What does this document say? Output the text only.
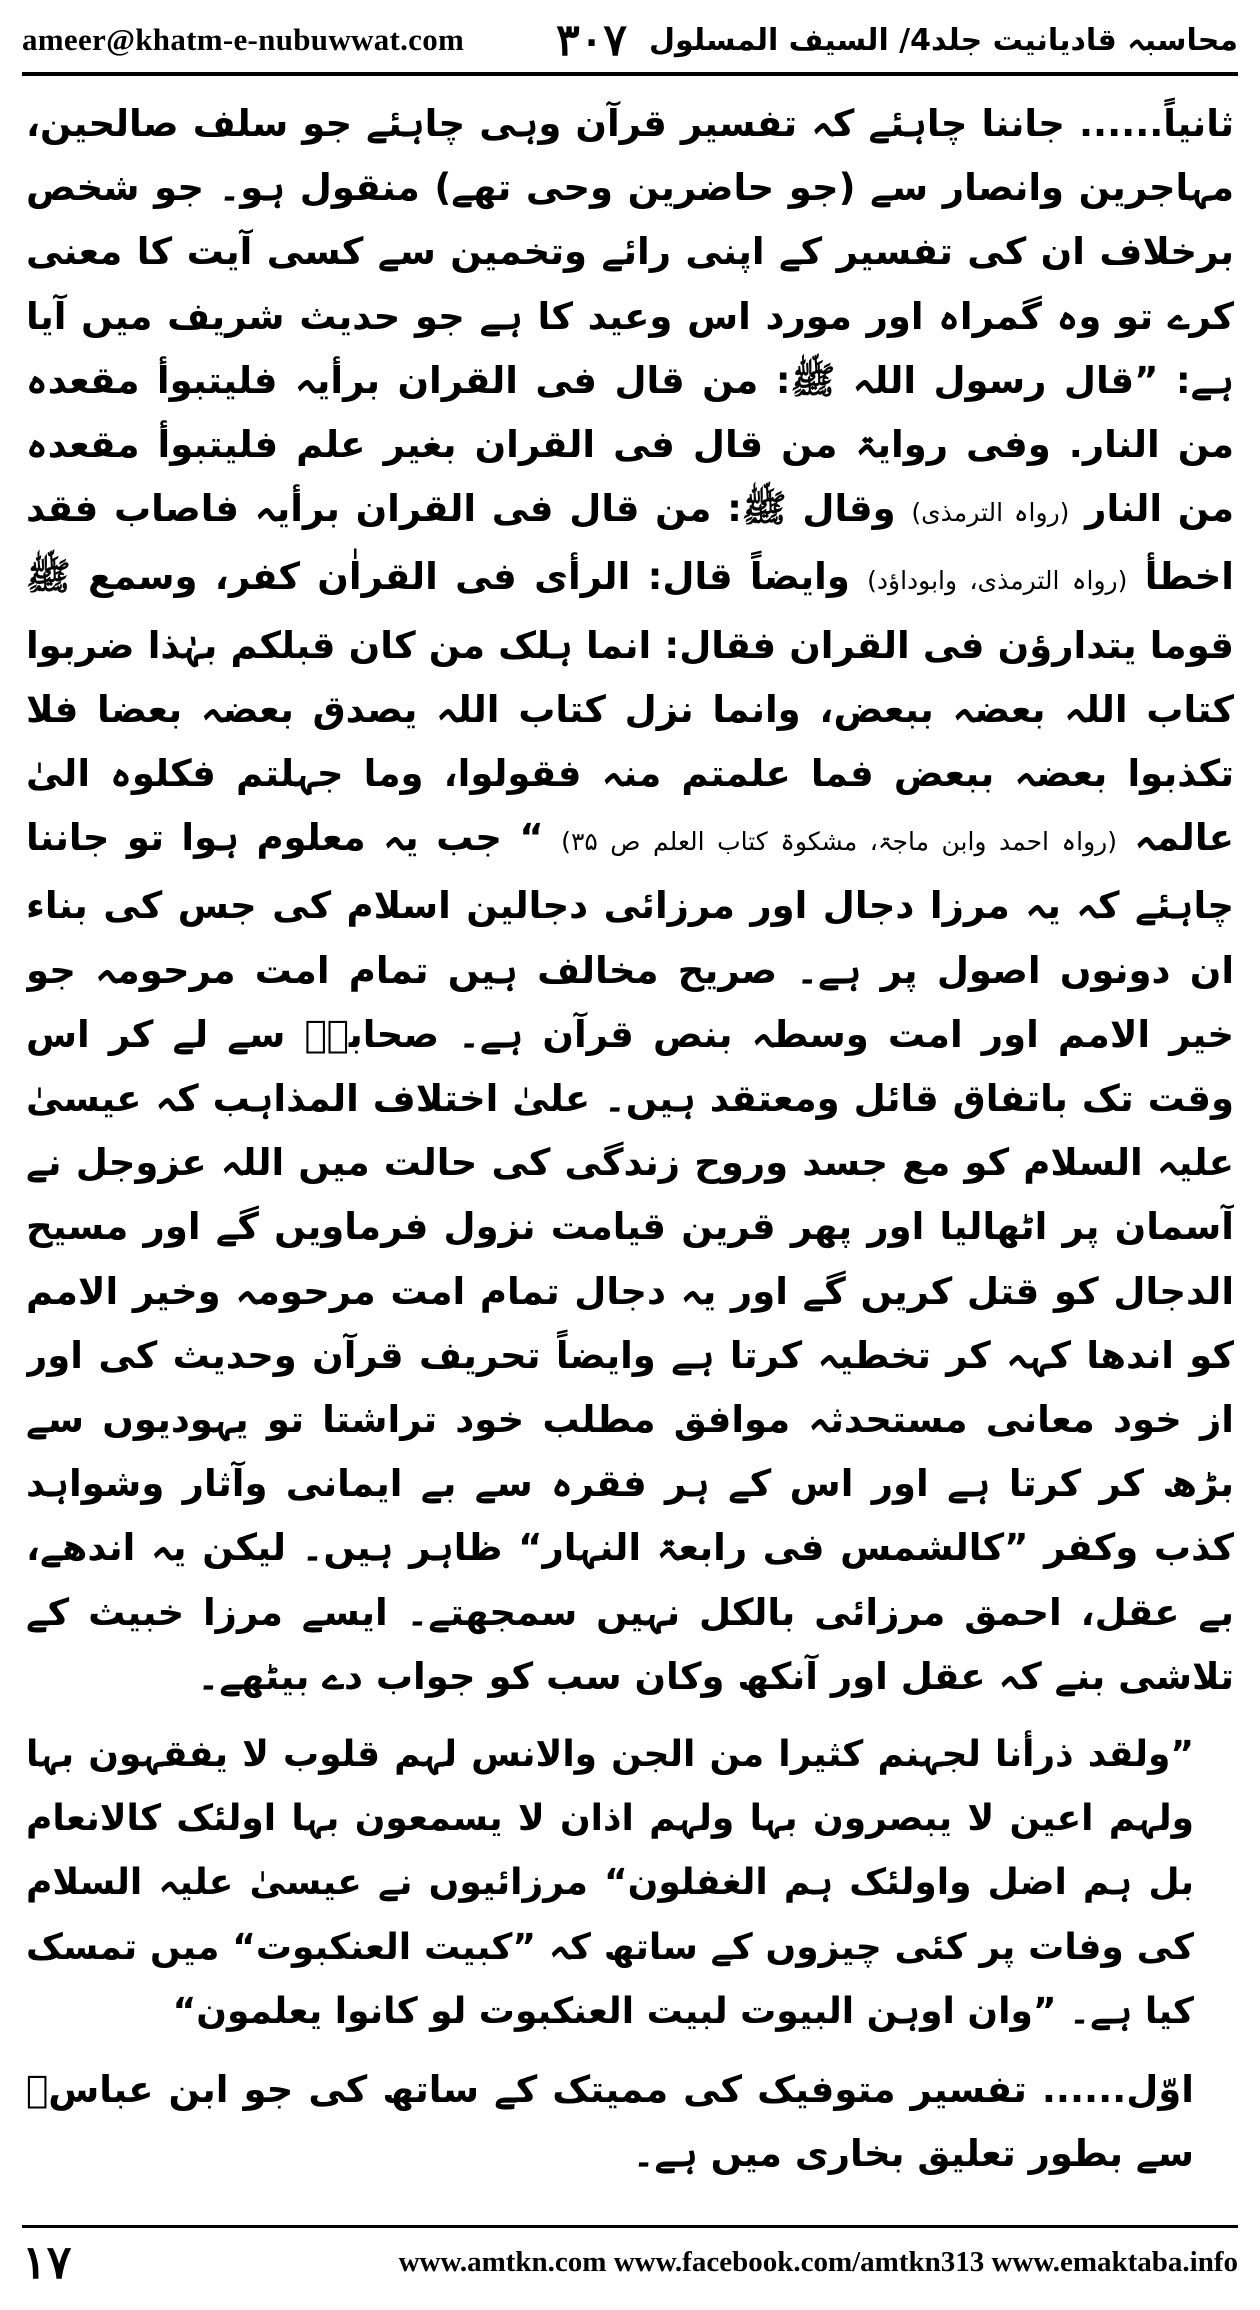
ameer@khatm-e-nubuwwat.com	محاسبہ قادیانیت جلد4/ السیف المسلول
۳۰۷

ثانیاً...... جاننا چاہئے کہ تفسیر قرآن وہی چاہئے جو سلف صالحین، مہاجرین وانصار سے (جو حاضرین وحی تھے) منقول ہو۔ جو شخص برخلاف ان کی تفسیر کے اپنی رائے وتخمین سے کسی آیت کا معنی کرے تو وہ گمراہ اور مورد اس وعید کا ہے جو حدیث شریف میں آیا ہے: ”قال رسول اللہ ﷺ: من قال فی القران برأیہ فلیتبوأ مقعدہ من النار. وفی روایۃ من قال فی القران بغیر علم فلیتبوأ مقعدہ من النار (رواہ الترمذی) وقال ﷺ: من قال فی القران برأیہ فاصاب فقد اخطأ (رواہ الترمذی، وابوداؤد) وایضاً قال: الرأی فی القراٰن کفر، وسمع ﷺ قوما یتدارؤن فی القران فقال: انما ہلک من کان قبلکم بہٰذا ضربوا کتاب اللہ بعضہ ببعض، وانما نزل کتاب اللہ یصدق بعضہ بعضا فلا تکذبوا بعضہ ببعض فما علمتم منہ فقولوا، وما جہلتم فکلوہ الیٰ عالمہ (رواہ احمد وابن ماجۃ، مشکوۃ کتاب العلم ص ۳۵) “ جب یہ معلوم ہوا تو جاننا چاہئے کہ یہ مرزا دجال اور مرزائی دجالین اسلام کی جس کی بناء ان دونوں اصول پر ہے۔ صریح مخالف ہیں تمام امت مرحومہ جو خیر الامم اور امت وسطہ بنص قرآن ہے۔ صحابہؓ سے لے کر اس وقت تک باتفاق قائل ومعتقد ہیں۔ علیٰ اختلاف المذاہب کہ عیسیٰ علیہ السلام کو مع جسد وروح زندگی کی حالت میں اللہ عزوجل نے آسمان پر اٹھالیا اور پھر قرین قیامت نزول فرماویں گے اور مسیح الدجال کو قتل کریں گے اور یہ دجال تمام امت مرحومہ وخیر الامم کو اندھا کہہ کر تخطیہ کرتا ہے وایضاً تحریف قرآن وحدیث کی اور از خود معانی مستحدثہ موافق مطلب خود تراشتا تو یہودیوں سے بڑھ کر کرتا ہے اور اس کے ہر فقرہ سے بے ایمانی وآثار وشواہد کذب وکفر ”کالشمس فی رابعۃ النہار“ ظاہر ہیں۔ لیکن یہ اندھے، بے عقل، احمق مرزائی بالکل نہیں سمجھتے۔ ایسے مرزا خبیث کے تلاشی بنے کہ عقل اور آنکھ وکان سب کو جواب دے بیٹھے۔

”ولقد ذرأنا لجہنم کثیرا من الجن والانس لہم قلوب لا یفقہون بہا ولہم اعین لا یبصرون بہا ولہم اذان لا یسمعون بہا اولئک کالانعام بل ہم اضل واولئک ہم الغفلون“ مرزائیوں نے عیسیٰ علیہ السلام کی وفات پر کئی چیزوں کے ساتھ کہ ”کبیت العنکبوت“ میں تمسک کیا ہے۔ ”وان اوہن البیوت لبیت العنکبوت لو کانوا یعلمون“

اوّل...... تفسیر متوفیک کی ممیتک کے ساتھ کی جو ابن عباسؓ سے بطور تعلیق بخاری میں ہے۔

۱۷	www.amtkn.com www.facebook.com/amtkn313 www.emaktaba.info
